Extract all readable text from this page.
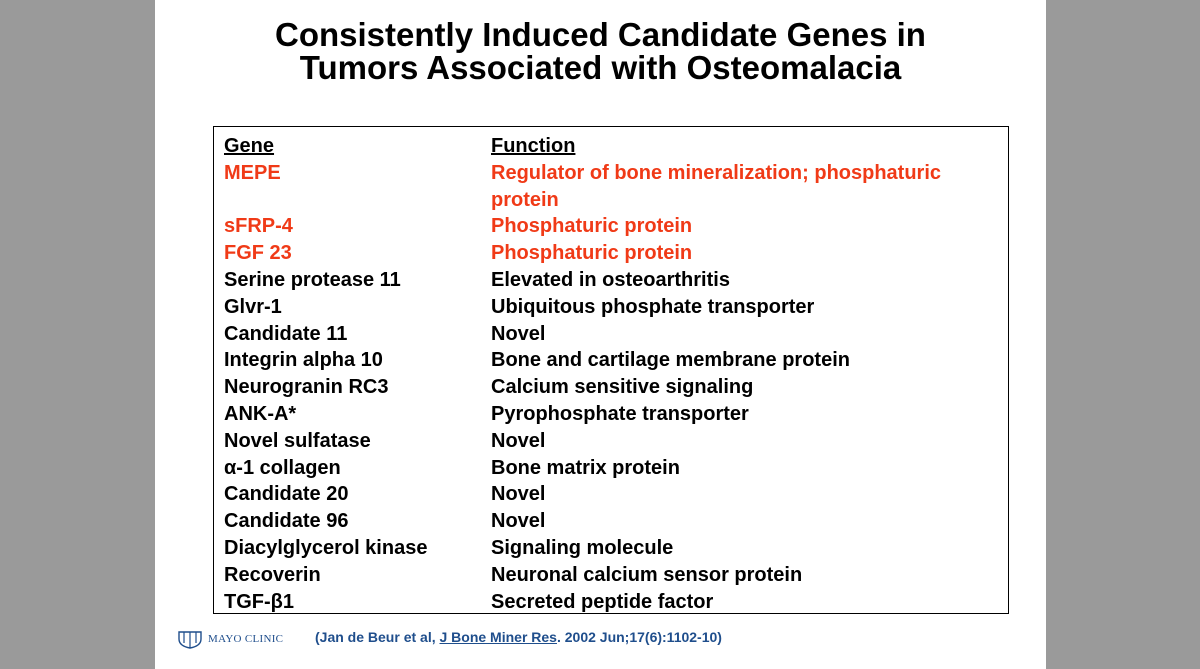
Consistently Induced Candidate Genes in
Tumors Associated with Osteomalacia
Gene
MEPE

sFRP-4
FGF 23
Serine protease 11
Glvr-1
Candidate 11
Integrin alpha 10
Neurogranin RC3
ANK-A*
Novel sulfatase
α-1 collagen
Candidate 20
Candidate 96
Diacylglycerol kinase
Recoverin
TGF-β1
Function
Regulator of bone mineralization; phosphaturic protein
Phosphaturic protein
Phosphaturic protein
Elevated in osteoarthritis
Ubiquitous phosphate transporter
Novel
Bone and cartilage membrane protein
Calcium sensitive signaling
Pyrophosphate transporter
Novel
Bone matrix protein
Novel
Novel
Signaling molecule
Neuronal calcium sensor protein
Secreted peptide factor
MAYO CLINIC (Jan de Beur et al, J Bone Miner Res. 2002 Jun;17(6):1102-10)
